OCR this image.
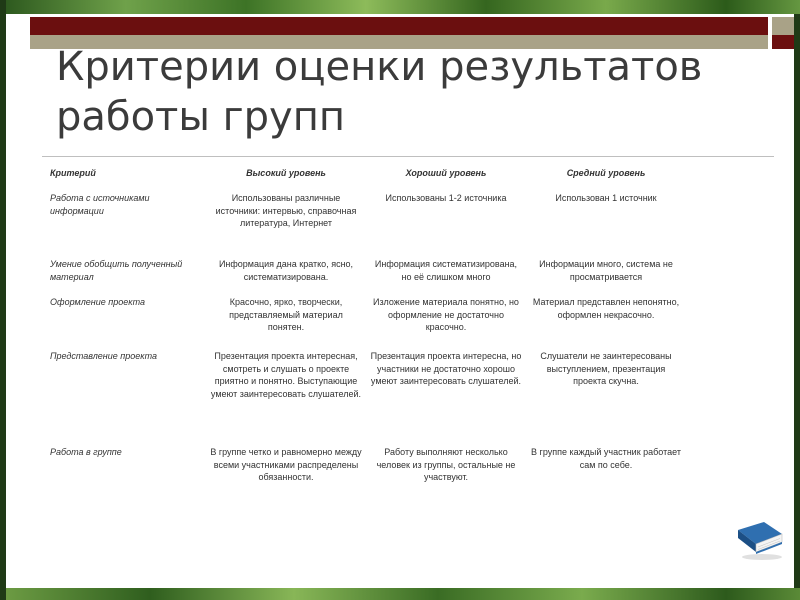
Критерии оценки результатов
работы групп
Критерий	Высокий уровень	Хороший уровень	Средний уровень
Работа с источниками информации	Использованы различные источники: интервью, справочная литература, Интернет	Использованы 1-2 источника	Использован 1 источник
Умение обобщить полученный материал	Информация дана кратко, ясно, систематизирована.	Информация систематизирована, но её слишком много	Информации много, система не просматривается
Оформление проекта	Красочно, ярко, творчески, представляемый материал понятен.	Изложение материала понятно, но оформление не достаточно красочно.	Материал представлен непонятно, оформлен некрасочно.
Представление проекта	Презентация проекта интересная, смотреть и слушать о проекте приятно и понятно. Выступающие умеют заинтересовать слушателей.	Презентация проекта интересна, но участники не достаточно хорошо умеют заинтересовать слушателей.	Слушатели не заинтересованы выступлением, презентация проекта скучна.
Работа в группе	В группе четко и равномерно между всеми участниками распределены обязанности.	Работу выполняют несколько человек из группы, остальные не участвуют.	В группе каждый участник работает сам по себе.
